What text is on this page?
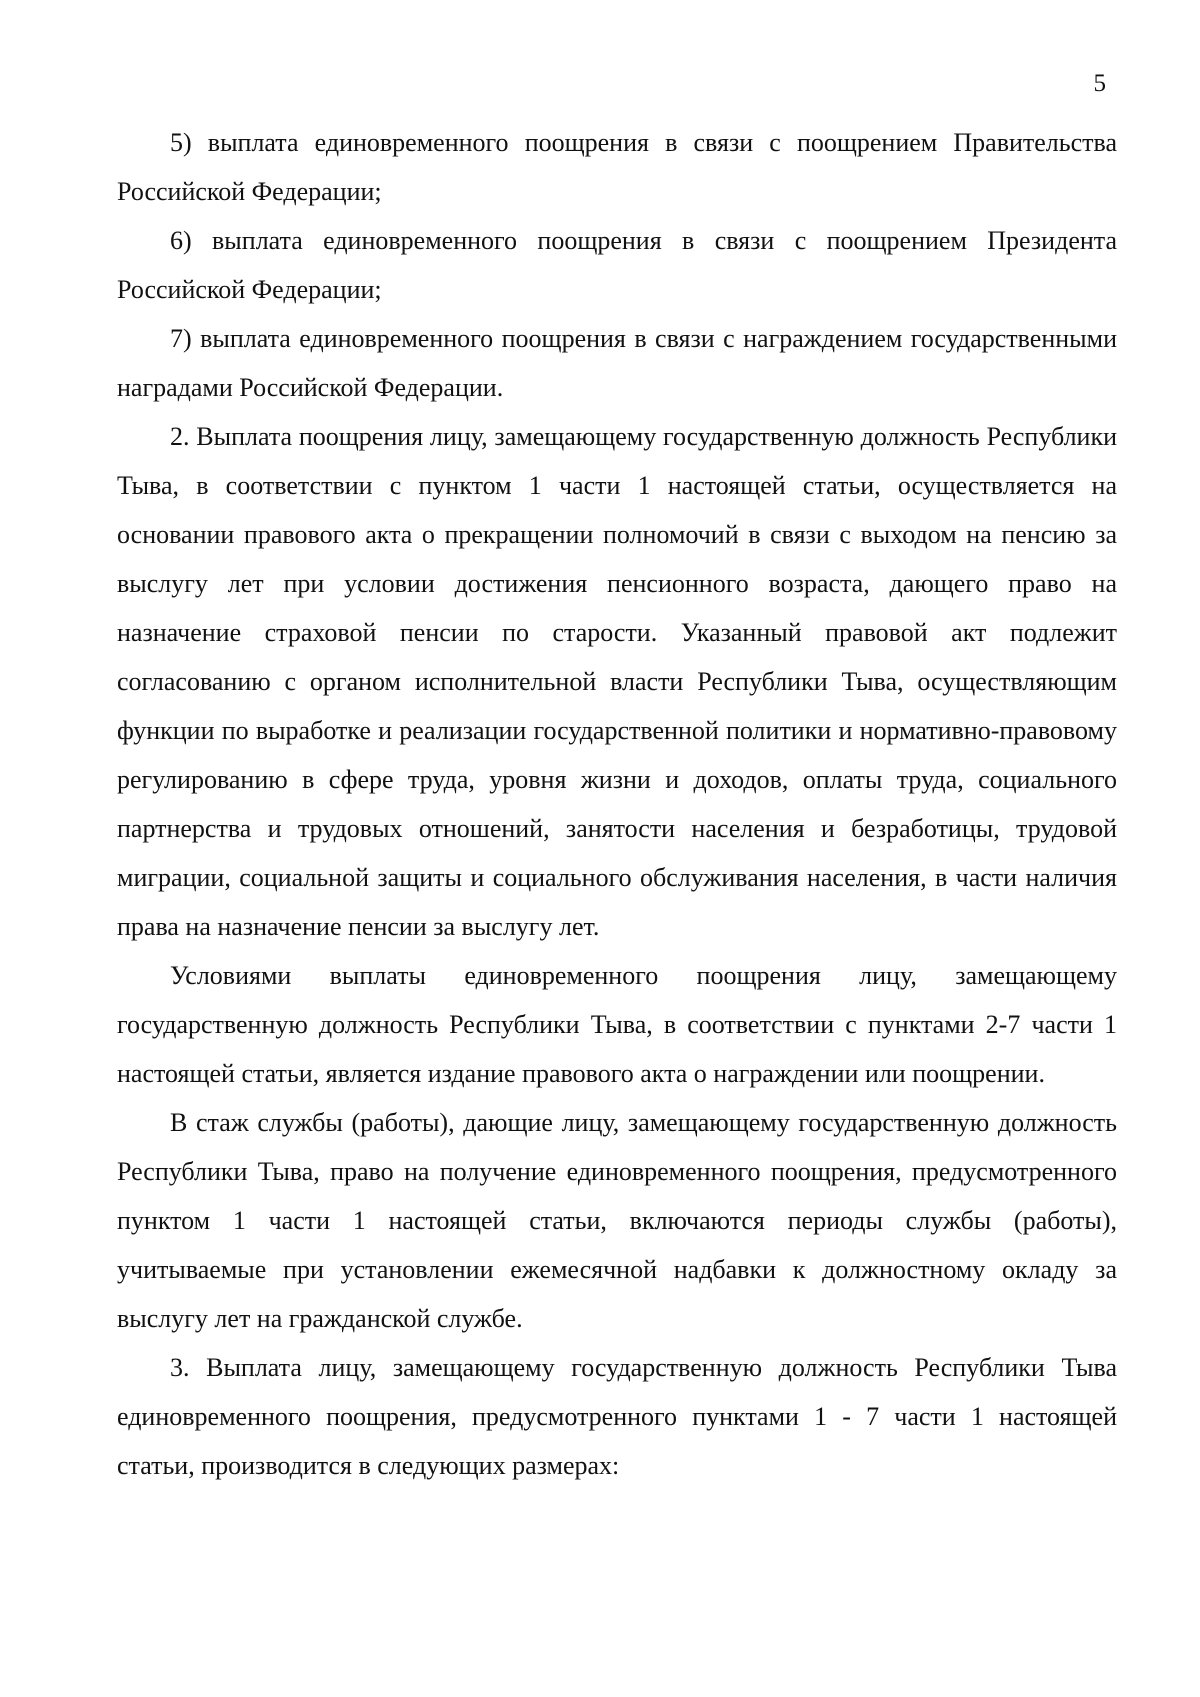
5

5) выплата единовременного поощрения в связи с поощрением Правительства Российской Федерации;

6) выплата единовременного поощрения в связи с поощрением Президента Российской Федерации;

7) выплата единовременного поощрения в связи с награждением государственными наградами Российской Федерации.

2. Выплата поощрения лицу, замещающему государственную должность Республики Тыва, в соответствии с пунктом 1 части 1 настоящей статьи, осуществляется на основании правового акта о прекращении полномочий в связи с выходом на пенсию за выслугу лет при условии достижения пенсионного возраста, дающего право на назначение страховой пенсии по старости. Указанный правовой акт подлежит согласованию с органом исполнительной власти Республики Тыва, осуществляющим функции по выработке и реализации государственной политики и нормативно-правовому регулированию в сфере труда, уровня жизни и доходов, оплаты труда, социального партнерства и трудовых отношений, занятости населения и безработицы, трудовой миграции, социальной защиты и социального обслуживания населения, в части наличия права на назначение пенсии за выслугу лет.

Условиями выплаты единовременного поощрения лицу, замещающему государственную должность Республики Тыва, в соответствии с пунктами 2-7 части 1 настоящей статьи, является издание правового акта о награждении или поощрении.

В стаж службы (работы), дающие лицу, замещающему государственную должность Республики Тыва, право на получение единовременного поощрения, предусмотренного пунктом 1 части 1 настоящей статьи, включаются периоды службы (работы), учитываемые при установлении ежемесячной надбавки к должностному окладу за выслугу лет на гражданской службе.

3. Выплата лицу, замещающему государственную должность Республики Тыва единовременного поощрения, предусмотренного пунктами 1 - 7 части 1 настоящей статьи, производится в следующих размерах:
